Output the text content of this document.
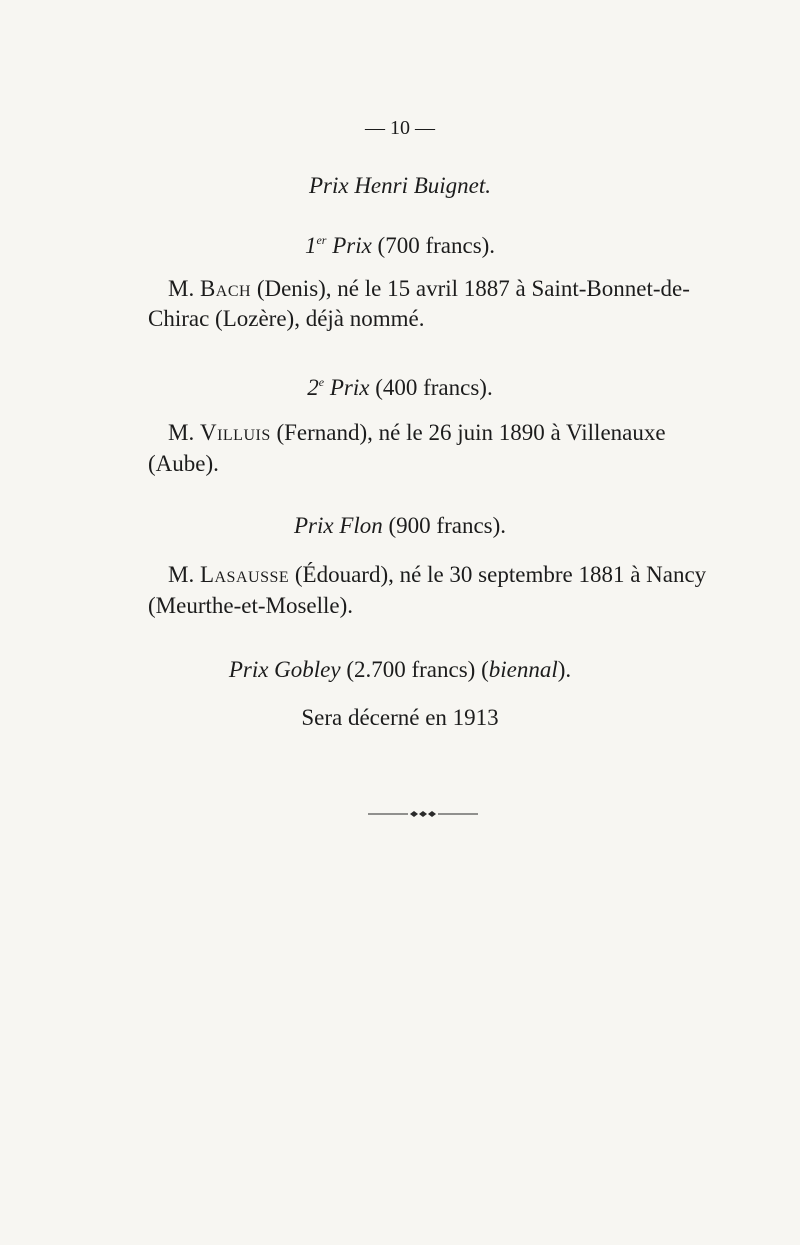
— 10 —
Prix Henri Buignet.
1er Prix (700 francs).
M. Bach (Denis), né le 15 avril 1887 à Saint-Bonnet-de-
Chirac (Lozère), déjà nommé.
2e Prix (400 francs).
M. Villuis (Fernand), né le 26 juin 1890 à Villenauxe
(Aube).
Prix Flon (900 francs).
M. Lasausse (Édouard), né le 30 septembre 1881 à Nancy
(Meurthe-et-Moselle).
Prix Gobley (2.700 francs) (biennal).
Sera décerné en 1913
